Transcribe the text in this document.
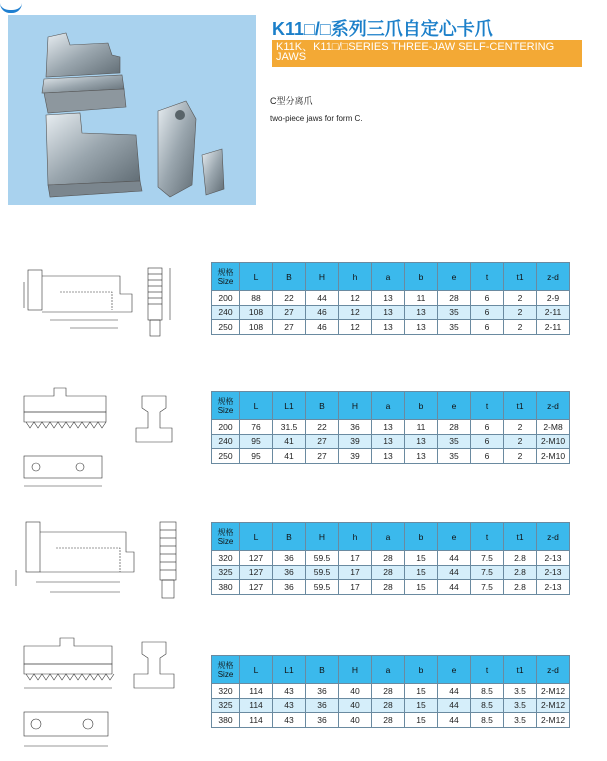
K11□/□系列三爪自定心卡爪
K11K、K11□/□SERIES THREE-JAW SELF-CENTERING
JAWS
C型分离爪
two-piece jaws for form C.
规格
Size	L	B	H	h	a	b	e	t	t1	z-d
200	88	22	44	12	13	11	28	6	2	2-9
240	108	27	46	12	13	13	35	6	2	2-11
250	108	27	46	12	13	13	35	6	2	2-11
规格
Size	L	L1	B	H	a	b	e	t	t1	z-d
200	76	31.5	22	36	13	11	28	6	2	2-M8
240	95	41	27	39	13	13	35	6	2	2-M10
250	95	41	27	39	13	13	35	6	2	2-M10
规格
Size	L	B	H	h	a	b	e	t	t1	z-d
320	127	36	59.5	17	28	15	44	7.5	2.8	2-13
325	127	36	59.5	17	28	15	44	7.5	2.8	2-13
380	127	36	59.5	17	28	15	44	7.5	2.8	2-13
规格
Size	L	L1	B	H	a	b	e	t	t1	z-d
320	114	43	36	40	28	15	44	8.5	3.5	2-M12
325	114	43	36	40	28	15	44	8.5	3.5	2-M12
380	114	43	36	40	28	15	44	8.5	3.5	2-M12
